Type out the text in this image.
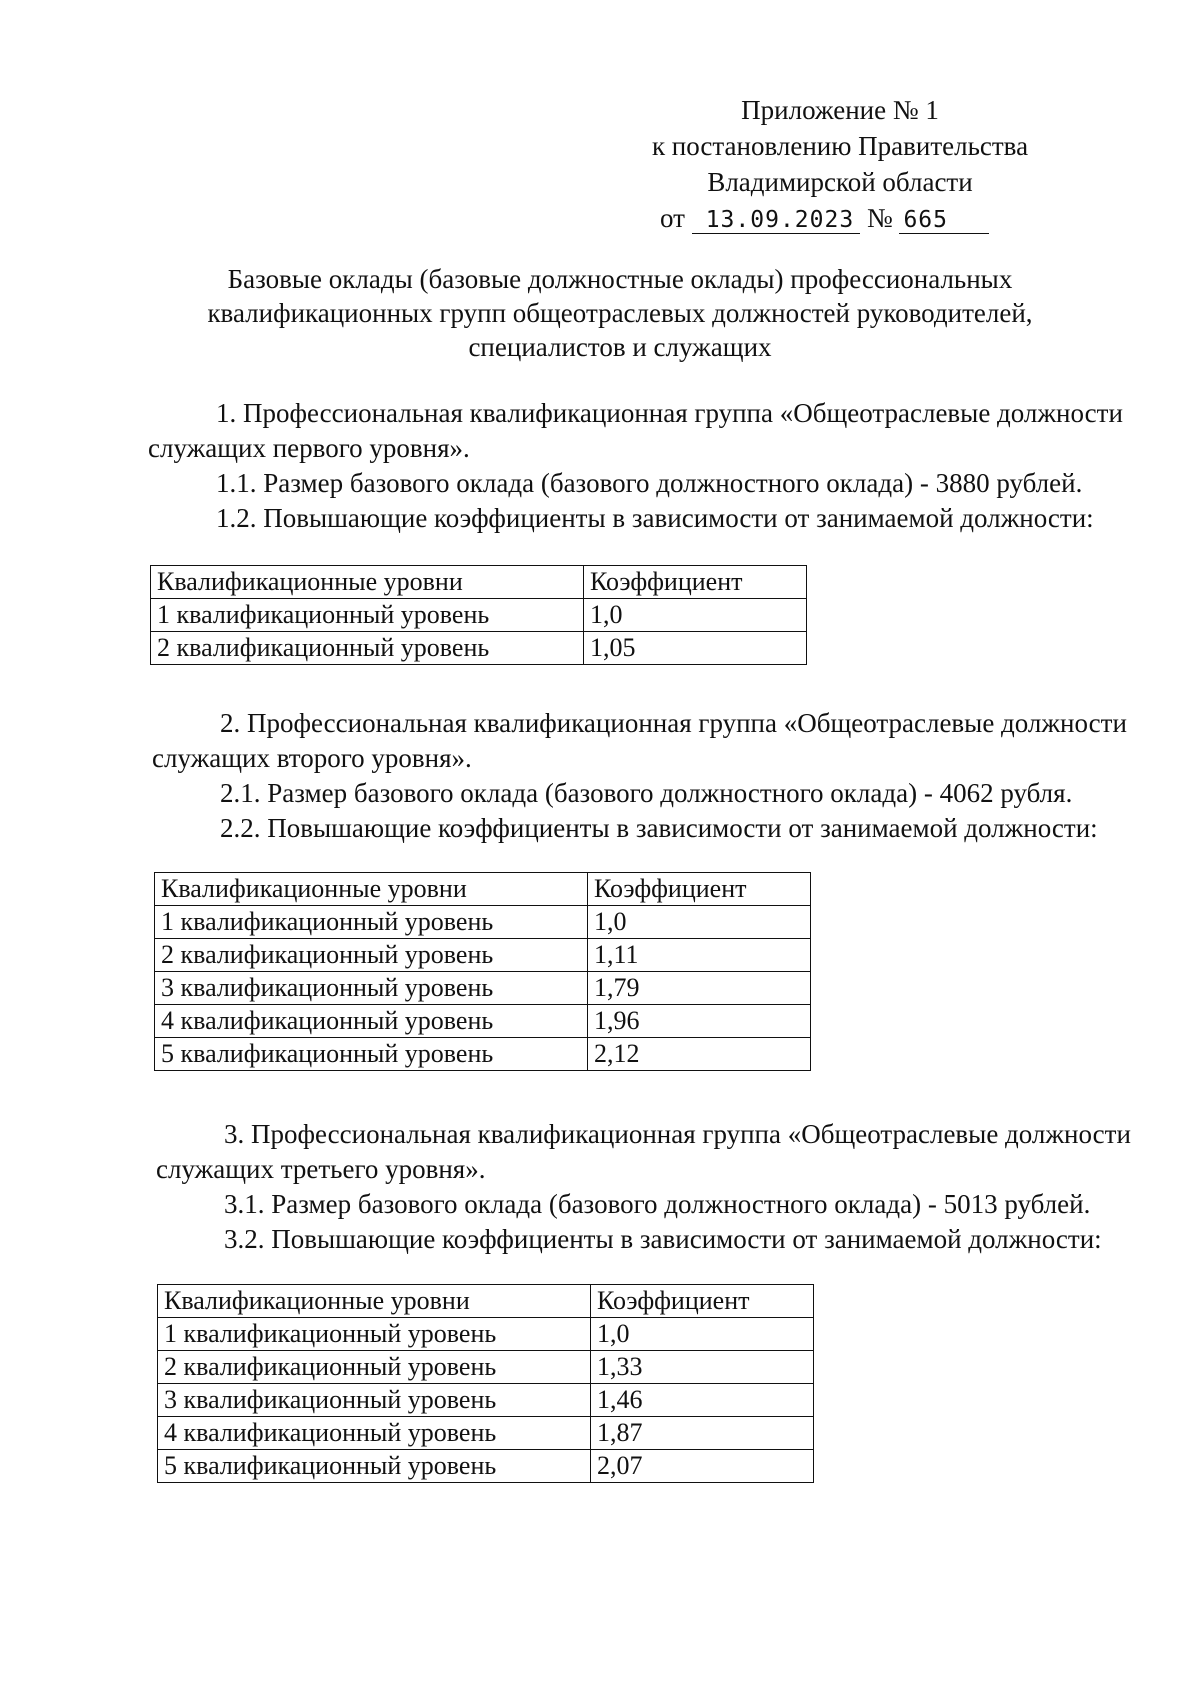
Приложение № 1
к постановлению Правительства
Владимирской области
от 13.09.2023 № 665
Базовые оклады (базовые должностные оклады) профессиональных
квалификационных групп общеотраслевых должностей руководителей,
специалистов и служащих

1. Профессиональная квалификационная группа «Общеотраслевые должности

служащих первого уровня».

1.1. Размер базового оклада (базового должностного оклада) - 3880 рублей.

1.2. Повышающие коэффициенты в зависимости от занимаемой должности:

Квалификационные уровни	Коэффициент
1 квалификационный уровень	1,0
2 квалификационный уровень	1,05

2. Профессиональная квалификационная группа «Общеотраслевые должности

служащих второго уровня».

2.1. Размер базового оклада (базового должностного оклада) - 4062 рубля.

2.2. Повышающие коэффициенты в зависимости от занимаемой должности:

Квалификационные уровни	Коэффициент
1 квалификационный уровень	1,0
2 квалификационный уровень	1,11
3 квалификационный уровень	1,79
4 квалификационный уровень	1,96
5 квалификационный уровень	2,12

3. Профессиональная квалификационная группа «Общеотраслевые должности

служащих третьего уровня».

3.1. Размер базового оклада (базового должностного оклада) - 5013 рублей.

3.2. Повышающие коэффициенты в зависимости от занимаемой должности:

Квалификационные уровни	Коэффициент
1 квалификационный уровень	1,0
2 квалификационный уровень	1,33
3 квалификационный уровень	1,46
4 квалификационный уровень	1,87
5 квалификационный уровень	2,07
